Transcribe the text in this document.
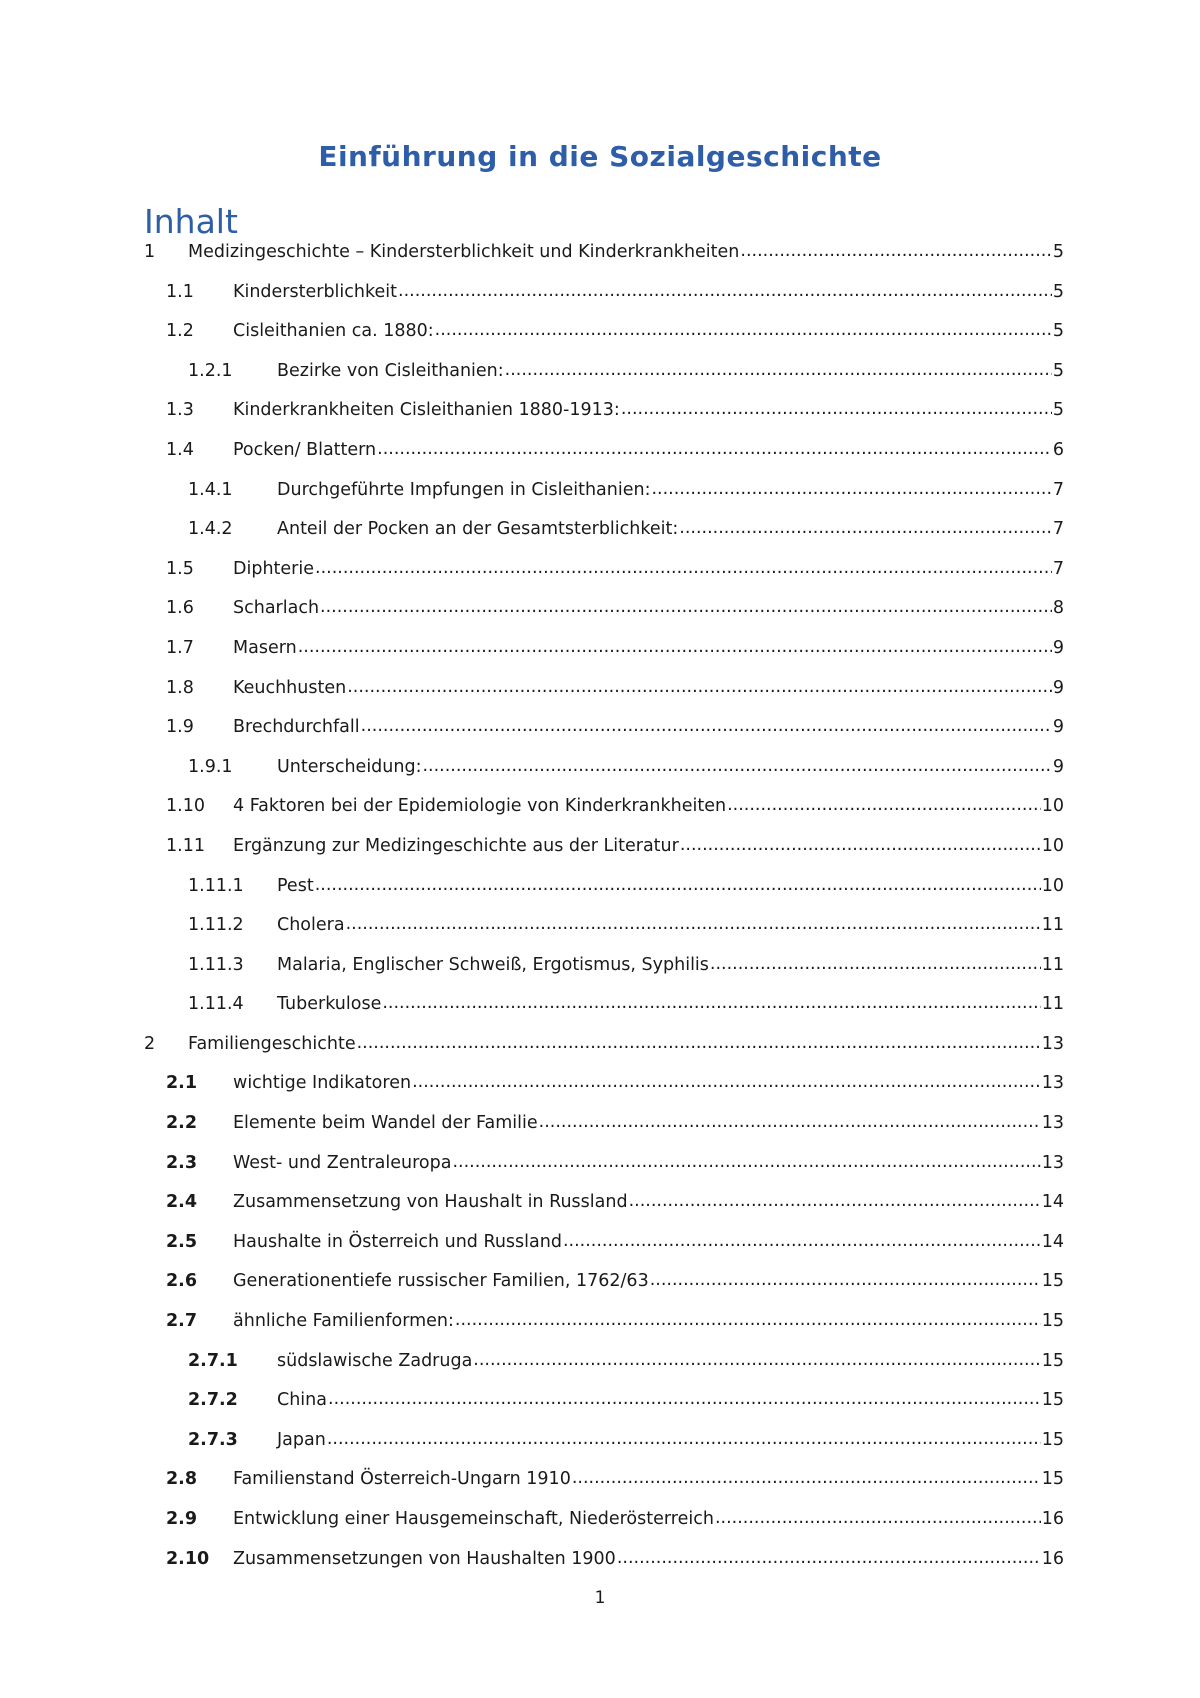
Einführung in die Sozialgeschichte
Inhalt
1	Medizingeschichte – Kindersterblichkeit und Kinderkrankheiten .....	5
1.1	Kindersterblichkeit .....	5
1.2	Cisleithanien ca. 1880: .....	5
1.2.1	Bezirke von Cisleithanien: .....	5
1.3	Kinderkrankheiten Cisleithanien 1880-1913: .....	5
1.4	Pocken/ Blattern .....	6
1.4.1	Durchgeführte Impfungen in Cisleithanien: .....	7
1.4.2	Anteil der Pocken an der Gesamtsterblichkeit: .....	7
1.5	Diphterie .....	7
1.6	Scharlach .....	8
1.7	Masern .....	9
1.8	Keuchhusten .....	9
1.9	Brechdurchfall .....	9
1.9.1	Unterscheidung: .....	9
1.10	4 Faktoren bei der Epidemiologie von Kinderkrankheiten .....	10
1.11	Ergänzung zur Medizingeschichte aus der Literatur .....	10
1.11.1	Pest .....	10
1.11.2	Cholera .....	11
1.11.3	Malaria, Englischer Schweiß, Ergotismus, Syphilis .....	11
1.11.4	Tuberkulose .....	11
2	Familiengeschichte .....	13
2.1	wichtige Indikatoren .....	13
2.2	Elemente beim Wandel der Familie .....	13
2.3	West- und Zentraleuropa .....	13
2.4	Zusammensetzung von Haushalt in Russland .....	14
2.5	Haushalte in Österreich und Russland .....	14
2.6	Generationentiefe russischer Familien, 1762/63 .....	15
2.7	ähnliche Familienformen: .....	15
2.7.1	südslawische Zadruga .....	15
2.7.2	China .....	15
2.7.3	Japan .....	15
2.8	Familienstand Österreich-Ungarn 1910 .....	15
2.9	Entwicklung einer Hausgemeinschaft, Niederösterreich .....	16
2.10	Zusammensetzungen von Haushalten 1900 .....	16
1
